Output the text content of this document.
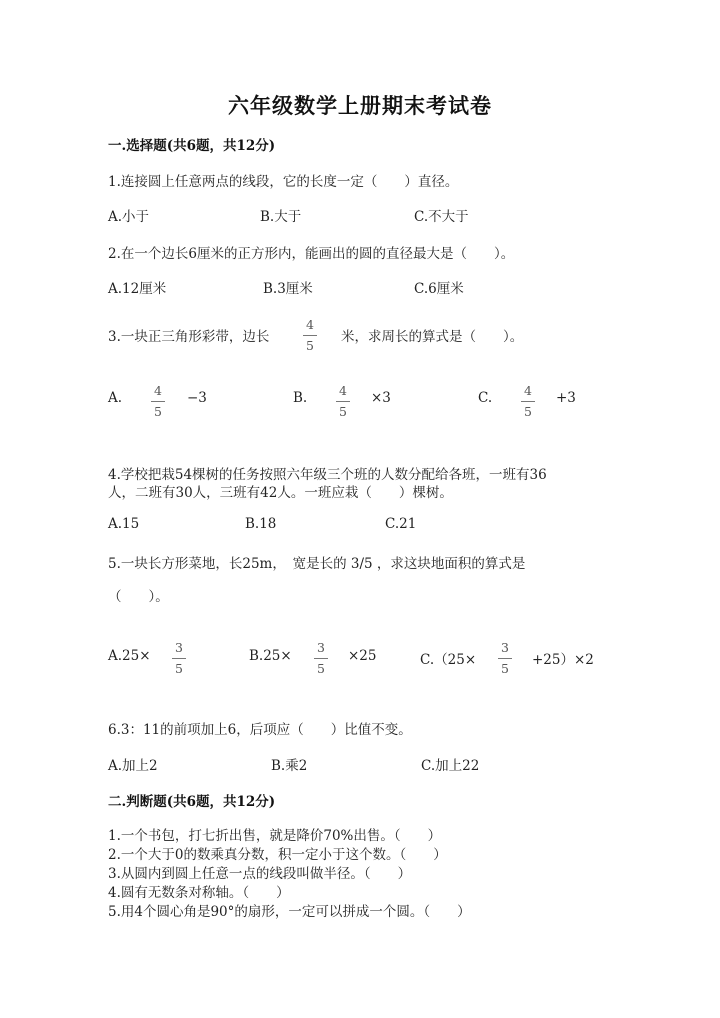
六年级数学上册期末考试卷
一.选择题(共6题，共12分)
1.连接圆上任意两点的线段，它的长度一定（　　）直径。
A.小于	B.大于	C.不大于
2.在一个边长6厘米的正方形内，能画出的圆的直径最大是（　　）。
A.12厘米	B.3厘米	C.6厘米
3.一块正三角形彩带，边长
4
5 米，求周长的算式是（　　）。
A.	4
5
−3	B.	4
5
×3	C.	4
5
+3
4.学校把栽54棵树的任务按照六年级三个班的人数分配给各班，一班有36
人，二班有30人，三班有42人。一班应栽（　　）棵树。
A.15	B.18	C.21
5.一块长方形菜地，长25m，　宽是长的 3/5 ，求这块地面积的算式是
（　　）。
A.25×
3
5
B.25×
3
5
×25	C.（25×
3
5 +25）×2
6.3：11的前项加上6，后项应（　　）比值不变。
A.加上2	B.乘2	C.加上22
二.判断题(共6题，共12分)
1.一个书包，打七折出售，就是降价70%出售。（　　）
2.一个大于0的数乘真分数，积一定小于这个数。（　　）
3.从圆内到圆上任意一点的线段叫做半径。（　　）
4.圆有无数条对称轴。（　　）
5.用4个圆心角是90°的扇形，一定可以拼成一个圆。（　　）
